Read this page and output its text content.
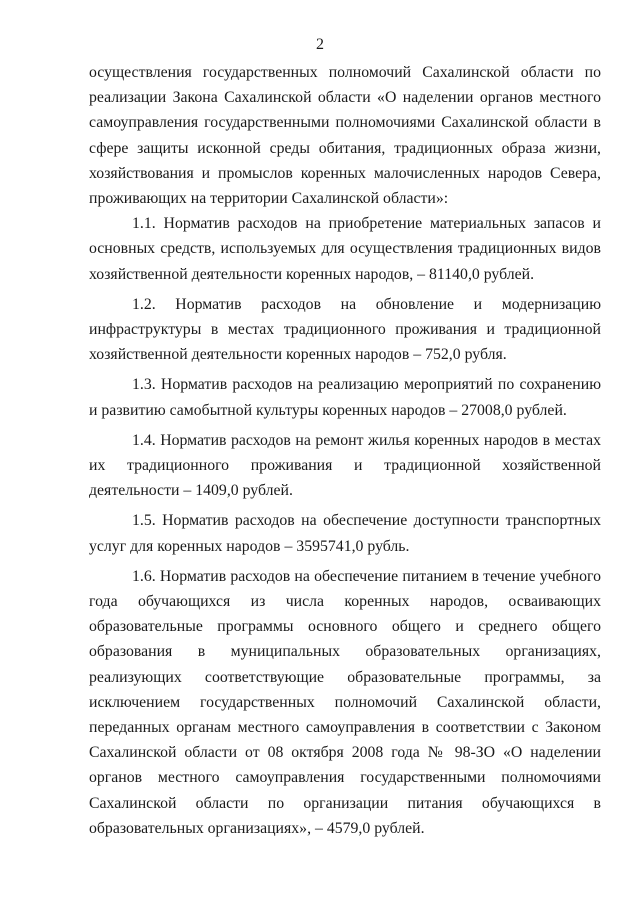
2

осуществления государственных полномочий Сахалинской области по реализации Закона Сахалинской области «О наделении органов местного самоуправления государственными полномочиями Сахалинской области в сфере защиты исконной среды обитания, традиционных образа жизни, хозяйствования и промыслов коренных малочисленных народов Севера, проживающих на территории Сахалинской области»:

1.1. Норматив расходов на приобретение материальных запасов и основных средств, используемых для осуществления традиционных видов хозяйственной деятельности коренных народов, – 81140,0 рублей.

1.2. Норматив расходов на обновление и модернизацию инфраструктуры в местах традиционного проживания и традиционной хозяйственной деятельности коренных народов – 752,0 рубля.

1.3. Норматив расходов на реализацию мероприятий по сохранению и развитию самобытной культуры коренных народов – 27008,0 рублей.

1.4. Норматив расходов на ремонт жилья коренных народов в местах их традиционного проживания и традиционной хозяйственной деятельности – 1409,0 рублей.

1.5. Норматив расходов на обеспечение доступности транспортных услуг для коренных народов – 3595741,0 рубль.

1.6. Норматив расходов на обеспечение питанием в течение учебного года обучающихся из числа коренных народов, осваивающих образовательные программы основного общего и среднего общего образования в муниципальных образовательных организациях, реализующих соответствующие образовательные программы, за исключением государственных полномочий Сахалинской области, переданных органам местного самоуправления в соответствии с Законом Сахалинской области от 08 октября 2008 года № 98-ЗО «О наделении органов местного самоуправления государственными полномочиями Сахалинской области по организации питания обучающихся в образовательных организациях», – 4579,0 рублей.
